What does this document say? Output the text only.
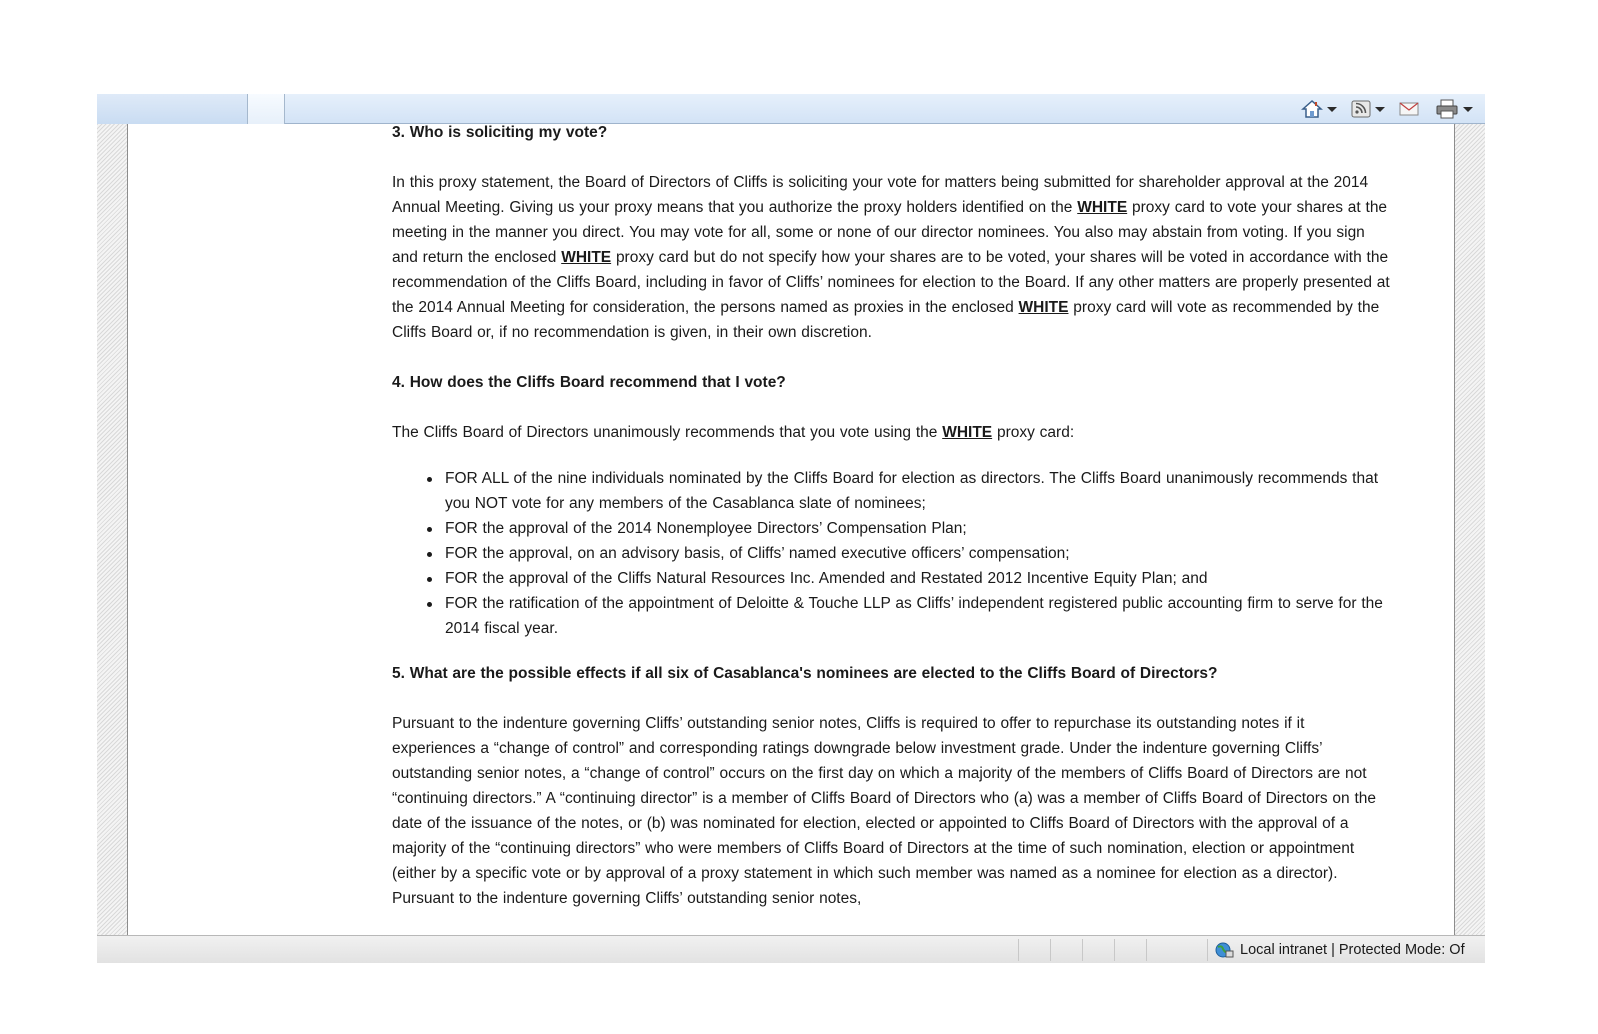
3. Who is soliciting my vote?

In this proxy statement, the Board of Directors of Cliffs is soliciting your vote for matters being submitted for shareholder approval at the 2014 Annual Meeting. Giving us your proxy means that you authorize the proxy holders identified on the WHITE proxy card to vote your shares at the meeting in the manner you direct. You may vote for all, some or none of our director nominees. You also may abstain from voting. If you sign and return the enclosed WHITE proxy card but do not specify how your shares are to be voted, your shares will be voted in accordance with the recommendation of the Cliffs Board, including in favor of Cliffs’ nominees for election to the Board. If any other matters are properly presented at the 2014 Annual Meeting for consideration, the persons named as proxies in the enclosed WHITE proxy card will vote as recommended by the Cliffs Board or, if no recommendation is given, in their own discretion.

4. How does the Cliffs Board recommend that I vote?

The Cliffs Board of Directors unanimously recommends that you vote using the WHITE proxy card:

FOR ALL of the nine individuals nominated by the Cliffs Board for election as directors. The Cliffs Board unanimously recommends that you NOT vote for any members of the Casablanca slate of nominees;
FOR the approval of the 2014 Nonemployee Directors’ Compensation Plan;
FOR the approval, on an advisory basis, of Cliffs’ named executive officers’ compensation;
FOR the approval of the Cliffs Natural Resources Inc. Amended and Restated 2012 Incentive Equity Plan; and
FOR the ratification of the appointment of Deloitte & Touche LLP as Cliffs’ independent registered public accounting firm to serve for the 2014 fiscal year.
5. What are the possible effects if all six of Casablanca's nominees are elected to the Cliffs Board of Directors?

Pursuant to the indenture governing Cliffs’ outstanding senior notes, Cliffs is required to offer to repurchase its outstanding notes if it experiences a “change of control” and corresponding ratings downgrade below investment grade. Under the indenture governing Cliffs’ outstanding senior notes, a “change of control” occurs on the first day on which a majority of the members of Cliffs Board of Directors are not “continuing directors.” A “continuing director” is a member of Cliffs Board of Directors who (a) was a member of Cliffs Board of Directors on the date of the issuance of the notes, or (b) was nominated for election, elected or appointed to Cliffs Board of Directors with the approval of a majority of the “continuing directors” who were members of Cliffs Board of Directors at the time of such nomination, election or appointment (either by a specific vote or by approval of a proxy statement in which such member was named as a nominee for election as a director). Pursuant to the indenture governing Cliffs’ outstanding senior notes,

Local intranet | Protected Mode: Of
